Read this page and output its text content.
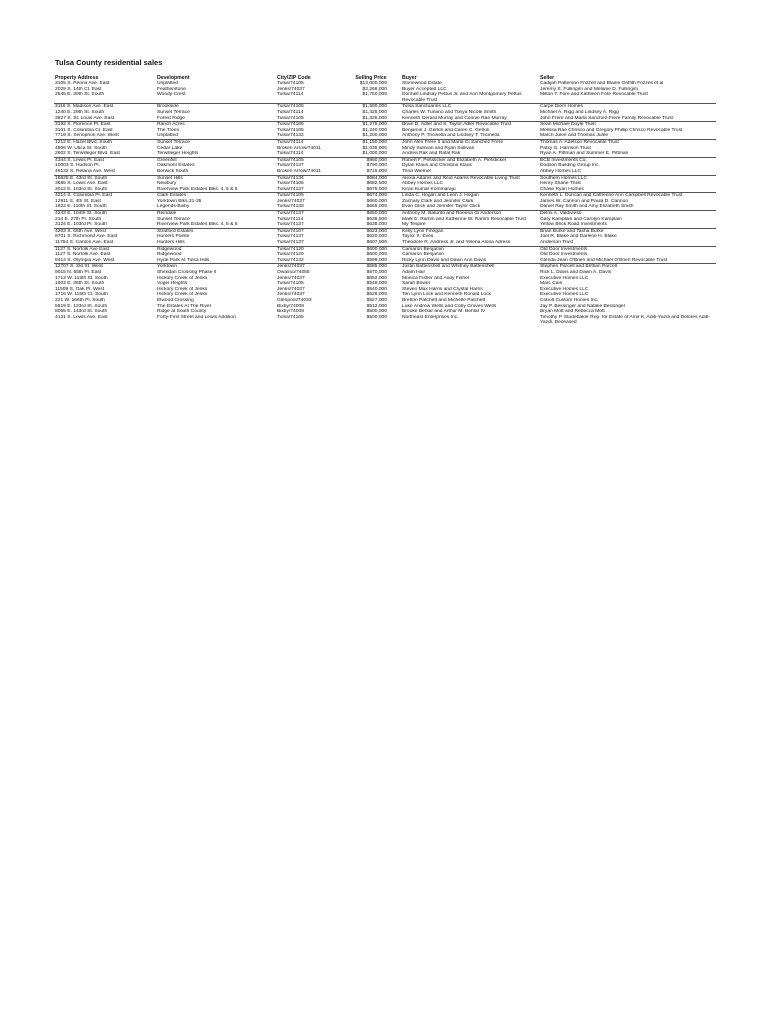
Tulsa County residential sales
Property Address	Development	City/ZIP Code	Selling Price	Buyer	Seller
3105 S. Peoria Ave. East	Unplatted	Tulsa/74105	$13,000,000	Stonewood Estate	Cadijah Patterson Frizzell and Blaine Griffith Frizzell et al
2029 S. 14th Ct. East	Featherstone	Jenks/74037	$2,266,000	Buyer Accepted LLC	Jeremy S. Fullingim and Melanie D. Fullingim
2545 E. 30th St. South	Woody-Crest	Tulsa/74114	$1,750,000	Donnell Lindsay Pettus Jr. and Ann Montgomery Pettus Revocable Trust	Milton T. Fore and Kathleen Fore Revocable Trust
3116 S. Madison Ave. East	Brookside	Tulsa/74105	$1,500,000	Tulsa Sanctuaries LLC	Carpe Diem Homes
1240 E. 29th St. South	Sunset Terrace	Tulsa/74114	$1,425,000	Charles W. Turiano and Tonya Nicole Smith	Michael A. Rigg and Lindsey A. Rigg
3827 S. St. Louis Ave. East	Forest Ridge	Tulsa/74105	$1,325,000	Kenneth Gerard Murray and Connie Rae Murray	John Frere and Marla Sanchez-Frere Family Revocable Trust
3192 S. Florence Pl. East	Ranch Acres	Tulsa/74105	$1,275,000	Brain D. Adler and S. Taylor Adler Revocable Trust	Sean Michael Doyle Trust
3101 S. Columbia Cr. East	The Trees	Tulsa/74105	$1,240,000	Benjamin J. Gerkin and Caren C. Gerkin	Melissa Rae Chrisco and Gregory Phillip Chrisco Revocable Trust
7719 S. Xenophon Ave. West	Unplatted	Tulsa/74132	$1,200,000	Anthony P. Tricinella and Lindsey T. Tricinella	March Julee and Thomas Julee
1212 E. Hazel Blvd. South	Sunset Terrace	Tulsa/74114	$1,150,000	John Alex Frere II and Marla Gi Sanchez Frere	Thomas A. Adelson Revocable Trust
4806 W. Utica St. South	Cedar Lake	Broken Arrow/74011	$1,035,000	Mindy Sullivan and Ryan Sullivan	Patsy G. Harrison Trust
2602 S. Terwilleger Blvd. East	Terwilleger Heights	Tulsa/74114	$1,000,000	Andrea Rak and Rafal Rak	Ryan A. Pittman and Summer E. Pittman
4344 S. Lewis Pl. East	Greenhill	Tulsa/74105	$960,000	Robert F. Pietsticker and Elizabeth A. Pietsticker	BCB Investments Co.
10003 S. Hudson Pl.	Oakmont Estates	Tulsa/74137	$790,000	Dylan Klaus and Christina Klaus	Dodson Building Group Inc.
46132 S. Retana Ave. West	Berwick South	Broken Arrow/74011	$715,000	Trina Wiemer	Abbey Homes LLC
16625 E. 43rd St. South	Sunset Hills	Tulsa/74134	$684,000	Alexia Adams and Reid Adams Revocable Living Trust	Southern Homes LLC
3685 S. Lewis Ave. East	Newbury	Tulsa/74105	$682,500	Abbey Homes LLC	Henry Shane Trust
3012 E. 103rd St. South	Riverview Park Estates Blks. 4, 5 & 6	Tulsa/74137	$675,000	Kiran Kumar Kommaraju	Chase Ryan Homes
4214 S. Columbia Pl. East	Clark Estates	Tulsa/74105	$674,000	Linda C. Hogan and Leon J. Hogan	Kenneth L. Duncan and Catherine Ann Campbell Revocable Trust
12911 S. 4th St. East	Yorktown Blks.31-35	Jenks/74037	$660,000	Zachary Clark and Jennifer Clark	James W. Cannon and Paula D. Cannon
1822 E. 110th St. South	Legends-Bixby	Tulsa/74133	$665,000	Evan Glick and Jennifer Taylor Glick	Daniel Ray Smith and Amy Elizabeth Smith
4243 E. 104th St. South	Reindale	Tulsa/74137	$650,000	Anthony M. Baturito and Roeena Gi Anderson	Delmi A. Valdivieso
214 E. 27th Pl. South	Sunset Terrace	Tulsa/74114	$636,500	Mark E. Ramm and Katherine W. Ramm Revocable Trust	Gary Kamplain and Carolyn Kamplain
3124 E. 103rd Pl. South	Riverview Park Estates Blks. 4, 5 & 6	Tulsa/74137	$635,000	My Tespire	Yellow Brick Road Investments
4203 S. 65th Ave. West	Stratford Estates	Tulsa/74107	$623,000	Kelly Lynn Finegan	Brian Burke and Tasha Burke
9701 S. Richmond Ave. East	Hunters Pointe	Tulsa/74137	$620,000	Taylor S. Eves	Joel R. Blake and Darlene H. Blake
11754 S. Canton Ave. East	Hunters Hills	Tulsa/74137	$607,500	Theodore R. Andress Jr. and Yelena Alona Adress	Anderson Trust
1127 S. Norfolk Ave East	Ridgewood	Tulsa/74120	$600,000	Camaron Benjamin	Old Door Investments
1127 S. Norfolk Ave. East	Ridgewood	Tulsa/74120	$600,000	Camaron Benjamin	Old Door Investments
8414 S. Olympia Ave. West	Hyde Park At Tulsa Hills	Tulsa/74132	$599,000	Ricky Lynn Davis and Dawn Ann Davis	Glenda Jean O'Brien and Michael O'Brien Revocable Trust
12707 S. 3rd St. West	Yorktown	Jenks/74037	$585,000	Justin Battenshell and Whitney Battenshell	Stephen Parcell and Brittian Parcell
9015 N. 65th Pl. East	Sheridan Crossing Phase II	Owasso/74055	$570,000	Adam Hair	Rick L. Davis and Dawn A. Davis
1713 W. 115th St. South	Hickory Creek of Jenks	Jenks/74037	$552,000	Monica Fisher and Andy Fisher	Executive Homes LLC
1603 E. 35th St. South	Vogel Heights	Tulsa/74105	$549,000	Sarah Bower	Marc Cain
11509 S. Oak Pl. West	Hickory Creek of Jenks	Jenks/74037	$540,000	Steven Max Harris and Crystal Harris	Executive Homes LLC
1716 W. 115th Ct. South	Hickory Creek of Jenks	Jenks/74037	$528,000	Teri Lynn Lock and Kenneth Ronald Lock	Executive Homes LLC
221 W. 166th Pl. South	Elwood Crossing	Glenpool/74033	$527,000	Bretton Patchett and Michelle Patchett	Cobolt Custom Homes Inc.
5519 E. 123rd St. South	The Estates At The River	Bixby/74008	$512,000	Luke Andrew Wells and Coby Groves Wells	Jay P. Bessinger and Natalie Bessinger
8055 E. 143rd St. South	Ridge at South County	Bixby/74008	$500,000	Brooke Behlar and Arthur M. Behlar IV	Bryan Mott and Rebecca Mott
4131 S. Lewis Ave. East	Forty-First Street and Lewis Addition	Tulsa/74105	$500,000	Northeast Enterprises Inc.	Timothy P. Studebaker Rep. for Estate of Amir K. Adib-Yazdi and Delores Adib-Yazdi, Deceased
